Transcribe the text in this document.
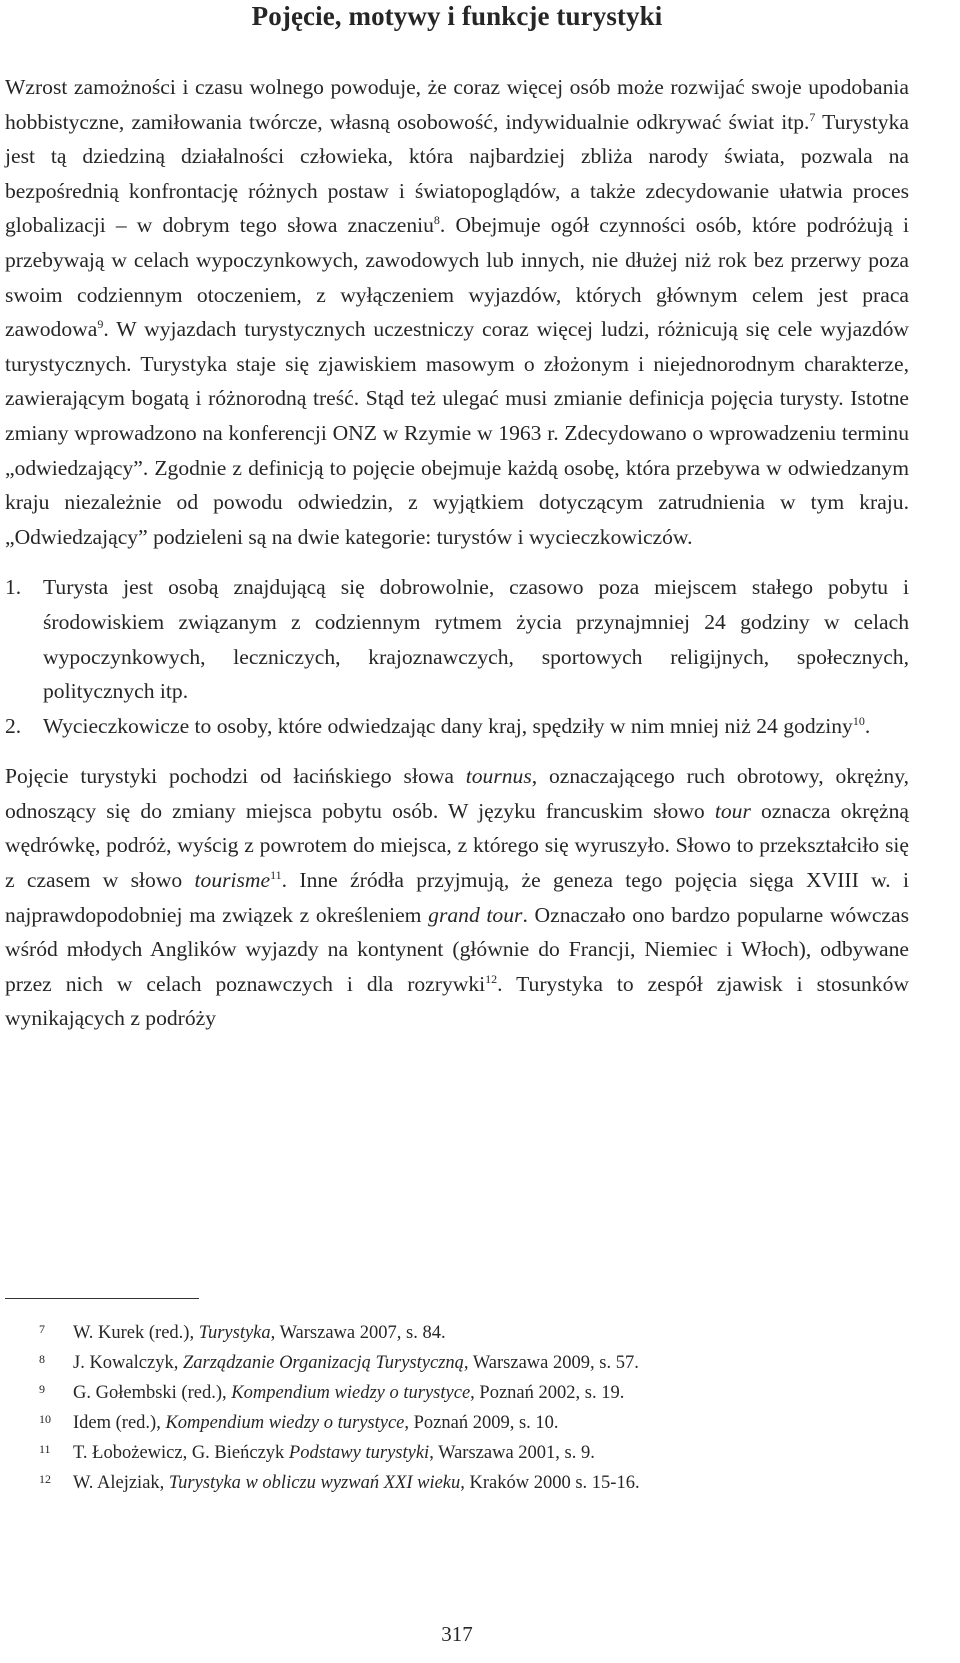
Pojęcie, motywy i funkcje turystyki

Wzrost zamożności i czasu wolnego powoduje, że coraz więcej osób może rozwijać swoje upodobania hobbistyczne, zamiłowania twórcze, własną osobowość, indywidualnie odkrywać świat itp.$^7$ Turystyka jest tą dziedziną działalności człowieka, która najbardziej zbliża narody świata, pozwala na bezpośrednią konfrontację różnych postaw i światopoglądów, a także zdecydowanie ułatwia proces globalizacji – w dobrym tego słowa znaczeniu$^8$. Obejmuje ogół czynności osób, które podróżują i przebywają w celach wypoczynkowych, zawodowych lub innych, nie dłużej niż rok bez przerwy poza swoim codziennym otoczeniem, z wyłączeniem wyjazdów, których głównym celem jest praca zawodowa$^9$. W wyjazdach turystycznych uczestniczy coraz więcej ludzi, różnicują się cele wyjazdów turystycznych. Turystyka staje się zjawiskiem masowym o złożonym i niejednorodnym charakterze, zawierającym bogatą i różnorodną treść. Stąd też ulegać musi zmianie definicja pojęcia turysty. Istotne zmiany wprowadzono na konferencji ONZ w Rzymie w 1963 r. Zdecydowano o wprowadzeniu terminu „odwiedzający”. Zgodnie z definicją to pojęcie obejmuje każdą osobę, która przebywa w odwiedzanym kraju niezależnie od powodu odwiedzin, z wyjątkiem dotyczącym zatrudnienia w tym kraju. „Odwiedzający” podzieleni są na dwie kategorie: turystów i wycieczkowiczów.

1. Turysta jest osobą znajdującą się dobrowolnie, czasowo poza miejscem stałego pobytu i środowiskiem związanym z codziennym rytmem życia przynajmniej 24 godziny w celach wypoczynkowych, leczniczych, krajoznawczych, sportowych religijnych, społecznych, politycznych itp.
2. Wycieczkowicze to osoby, które odwiedzając dany kraj, spędziły w nim mniej niż 24 godziny$^{10}$.

Pojęcie turystyki pochodzi od łacińskiego słowa tournus, oznaczającego ruch obrotowy, okrężny, odnoszący się do zmiany miejsca pobytu osób. W języku francuskim słowo tour oznacza okrężną wędrówkę, podróż, wyścig z powrotem do miejsca, z którego się wyruszyło. Słowo to przekształciło się z czasem w słowo tourisme$^{11}$. Inne źródła przyjmują, że geneza tego pojęcia sięga XVIII w. i najprawdopodobniej ma związek z określeniem grand tour. Oznaczało ono bardzo popularne wówczas wśród młodych Anglików wyjazdy na kontynent (głównie do Francji, Niemiec i Włoch), odbywane przez nich w celach poznawczych i dla rozrywki$^{12}$. Turystyka to zespół zjawisk i stosunków wynikających z podróży

7 W. Kurek (red.), Turystyka, Warszawa 2007, s. 84.
8 J. Kowalczyk, Zarządzanie Organizacją Turystyczną, Warszawa 2009, s. 57.
9 G. Gołembski (red.), Kompendium wiedzy o turystyce, Poznań 2002, s. 19.
10 Idem (red.), Kompendium wiedzy o turystyce, Poznań 2009, s. 10.
11 T. Łobożewicz, G. Bieńczyk Podstawy turystyki, Warszawa 2001, s. 9.
12 W. Alejziak, Turystyka w obliczu wyzwań XXI wieku, Kraków 2000 s. 15-16.
317
